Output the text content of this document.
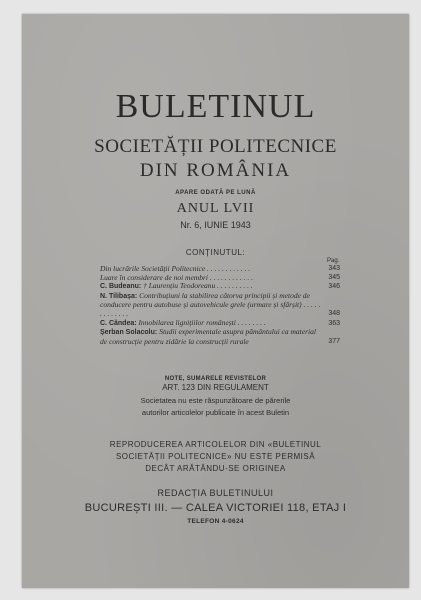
BULETINUL
SOCIETĂȚII POLITECNICE
DIN ROMÂNIA
APARE ODATĂ PE LUNĂ
ANUL LVII
Nr. 6, IUNIE 1943
CONȚINUTUL:
Pag.
Din lucrările Societății Politecnice . . . . . . . . . . . .	343
Luare în considerare de noi membri . . . . . . . . . . . .	345
C. Budeanu: † Laurențiu Teodoreanu . . . . . . . . . .	346
N. Tilibașa: Contribuțiuni la stabilirea câtorva principii și metode de conducere pentru autobuse și autovehicule grele (urmare și sfârșit) . . . . . . . . . . . . .	348
C. Căndea: Innobilarea lignițiilor românești . . . . . . . .	363
Șerban Solacolu: Studii experimentale asupra pământului ca material de construcție pentru zidărie la construcții rurale	377
NOTE, SUMARELE REVISTELOR
ART. 123 DIN REGULAMENT
Societatea nu este răspunzătoare de părerile
autorilor articolelor publicate în acest Buletin
REPRODUCEREA ARTICOLELOR DIN «BULETINUL
SOCIETĂȚII POLITECNICE» NU ESTE PERMISĂ
DECÂT ARĂTÂNDU-SE ORIGINEA
REDACȚIA BULETINULUI
BUCUREȘTI III. — CALEA VICTORIEI 118, ETAJ I
TELEFON 4-0624
